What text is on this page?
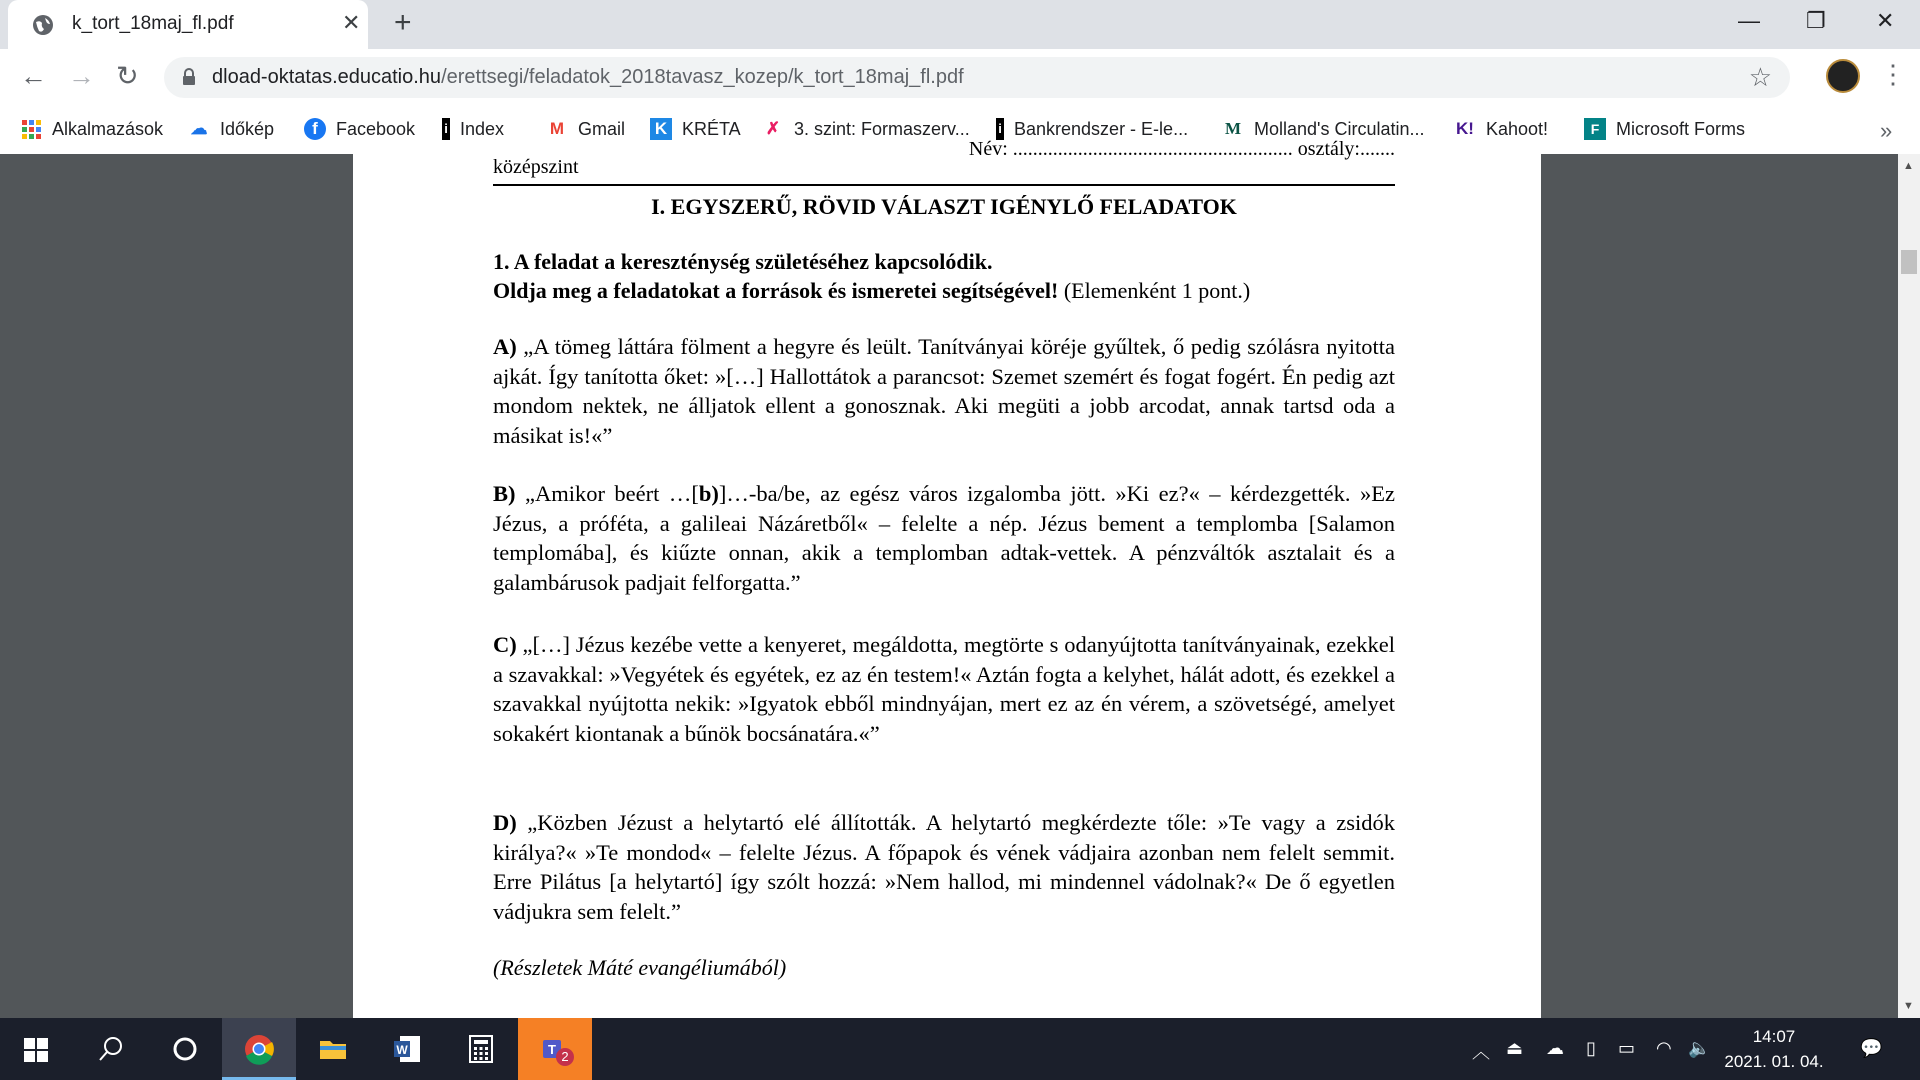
k_tort_18maj_fl.pdf	✕ +	— ❐ ✕
← → ↻	dload-oktatas.educatio.hu/erettsegi/feladatok_2018tavasz_kozep/k_tort_18maj_fl.pdf	☆	⋮
Alkalmazások ☁ Időkép	f	Facebook i Index	M Gmail K KRÉTA ✗ 3. szint: Formaszerv... i Bankrendszer - E-le... M Molland's Circulatin... K! Kahoot!	F Microsoft Forms	»
középszint
Név: ........................................................ osztály:.......
I. EGYSZERŰ, RÖVID VÁLASZT IGÉNYLŐ FELADATOK
1. A feladat a kereszténység születéséhez kapcsolódik.
Oldja meg a feladatokat a források és ismeretei segítségével! (Elemenként 1 pont.)
A) „A tömeg láttára fölment a hegyre és leült. Tanítványai köréje gyűltek, ő pedig szólásra nyitotta ajkát. Így tanította őket: »[…] Hallottátok a parancsot: Szemet szemért és fogat fogért. Én pedig azt mondom nektek, ne álljatok ellent a gonosznak. Aki megüti a jobb arcodat, annak tartsd oda a másikat is!«”
B) „Amikor beért …[b)]…-ba/be, az egész város izgalomba jött. »Ki ez?« – kérdezgették. »Ez Jézus, a próféta, a galileai Názáretből« – felelte a nép. Jézus bement a templomba [Salamon templomába], és kiűzte onnan, akik a templomban adtak-vettek. A pénzváltók asztalait és a galambárusok padjait felforgatta.”
C) „[…] Jézus kezébe vette a kenyeret, megáldotta, megtörte s odanyújtotta tanítványainak, ezekkel a szavakkal: »Vegyétek és egyétek, ez az én testem!« Aztán fogta a kelyhet, hálát adott, és ezekkel a szavakkal nyújtotta nekik: »Igyatok ebből mindnyájan, mert ez az én vérem, a szövetségé, amelyet sokakért kiontanak a bűnök bocsánatára.«”
D) „Közben Jézust a helytartó elé állították. A helytartó megkérdezte tőle: »Te vagy a zsidók királya?« »Te mondod« – felelte Jézus. A főpapok és vének vádjaira azonban nem felelt semmit. Erre Pilátus [a helytartó] így szólt hozzá: »Nem hallod, mi mindennel vádolnak?« De ő egyetlen vádjukra sem felelt.”
(Részletek Máté evangéliumából)
▲
▼
W	T 2	︿ ⏏ ☁ ▯ ▭ ◠ 🔈
14:07
2021. 01. 04.
💬
